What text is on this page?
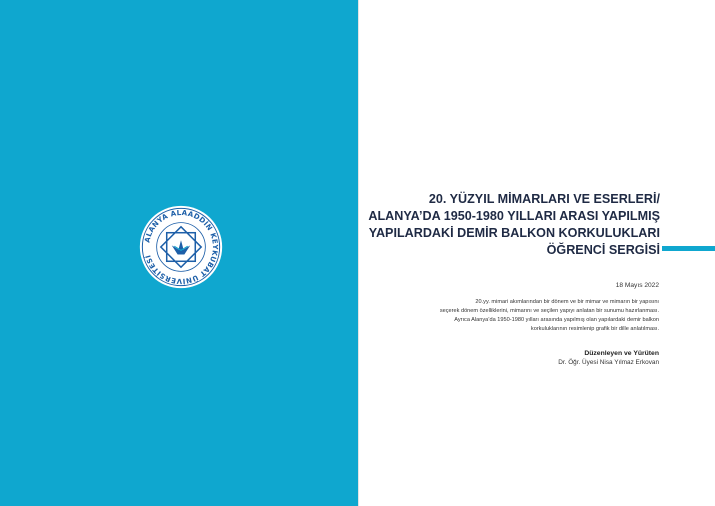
ALANYA ALAADDİN KEYKUBAT ÜNİVERSİTESİ
20. YÜZYIL MİMARLARI VE ESERLERİ/
ALANYA’DA 1950-1980 YILLARI ARASI YAPILMIŞ
YAPILARDAKİ DEMİR BALKON KORKULUKLARI
ÖĞRENCİ SERGİSİ
18 Mayıs 2022
20.yy. mimari akımlarından bir dönem ve bir mimar ve mimarın bir yapısını
seçerek dönem özelliklerini, mimarını ve seçilen yapıyı anlatan bir sunumu hazırlanması.
Ayrıca Alanya’da 1950-1980 yılları arasında yapılmış olan yapılardaki demir balkon
korkuluklarının resimlenip grafik bir dille anlatılması.
Düzenleyen ve Yürüten
Dr. Öğr. Üyesi Nisa Yılmaz Erkovan
